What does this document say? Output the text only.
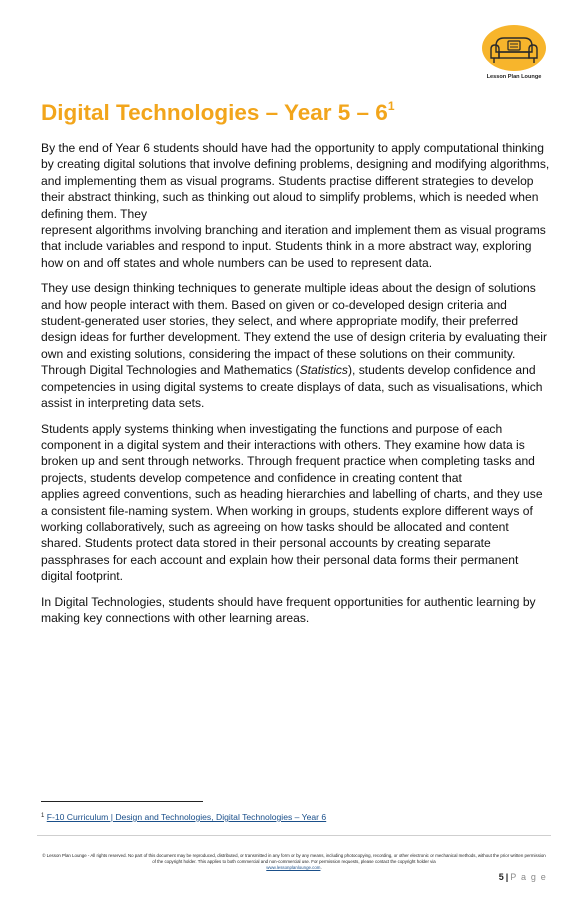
Lesson Plan Lounge
Digital Technologies – Year $5 - 6^1$

By the end of Year 6 students should have had the opportunity to apply computational thinking by creating digital solutions that involve defining problems, designing and modifying algorithms, and implementing them as visual programs. Students practise different strategies to develop their abstract thinking, such as thinking out aloud to simplify problems, which is needed when defining them. They

represent algorithms involving branching and iteration and implement them as visual programs that include variables and respond to input. Students think in a more abstract way, exploring how on and off states and whole numbers can be used to represent data.

They use design thinking techniques to generate multiple ideas about the design of solutions and how people interact with them. Based on given or co-developed design criteria and student-generated user stories, they select, and where appropriate modify, their preferred design ideas for further development. They extend the use of design criteria by evaluating their own and existing solutions, considering the impact of these solutions on their community. Through Digital Technologies and Mathematics (Statistics), students develop confidence and competencies in using digital systems to create displays of data, such as visualisations, which assist in interpreting data sets.

Students apply systems thinking when investigating the functions and purpose of each component in a digital system and their interactions with others. They examine how data is broken up and sent through networks. Through frequent practice when completing tasks and projects, students develop competence and confidence in creating content that

applies agreed conventions, such as heading hierarchies and labelling of charts, and they use a consistent file-naming system. When working in groups, students explore different ways of working collaboratively, such as agreeing on how tasks should be allocated and content shared. Students protect data stored in their personal accounts by creating separate passphrases for each account and explain how their personal data forms their permanent digital footprint.

In Digital Technologies, students should have frequent opportunities for authentic learning by making key connections with other learning areas.

$^1$ F-10 Curriculum | Design and Technologies, Digital Technologies – Year 6
© Lesson Plan Lounge - All rights reserved. No part of this document may be reproduced, distributed, or transmitted in any form or by any means, including photocopying, recording, or other electronic or mechanical methods, without the prior written permission of the copyright holder. This applies to both commercial and non-commercial use. For permission requests, please contact the copyright holder via
www.lessonplanlounge.com.
5 | P a g e
